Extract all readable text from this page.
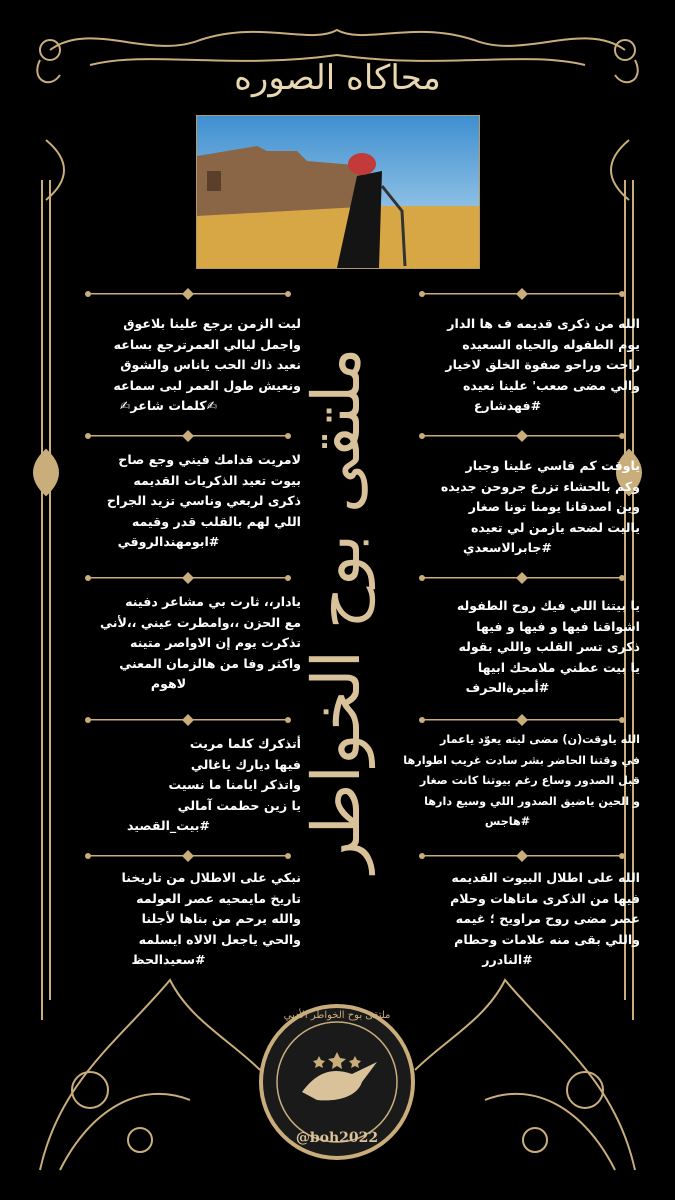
محاكاه الصوره
ملتقى بوح الخواطر
الله من ذكرى قديمه ف ها الدار
يوم الطفوله والحياه السعيده
راحت وراحو صفوة الخلق لاخيار
والي مضى صعب' علينا نعيده
#فهدشارع
ياوقت كم قاسي علينا وجبار
وكم بالحشاء تزرع جروحن جديده
وين اصدقانا يومنا تونا صغار
ياليت لضحه يازمن لي تعيده
#جابرالاسعدي
يا بيتنا اللي فيك روح الطفوله
اشواقنا فيها و فيها و فيها
ذكرى تسر القلب واللي بقوله
يا بيت عطني ملامحك ابيها
#أميرةالحرف
الله ياوقت(ن) مضى ليته يعوّد ياعمار
في وقتنا الحاضر بشر سادت غريب اطوارها
قبل الصدور وساع رغم بيوتنا كانت صغار
و الحين ياضيق الصدور اللي وسيع دارها
#هاجس
الله على اطلال البيوت القديمه
فيها من الذكرى ماتاهات وحلام
عصر مضى روح مراويح ؛ غيمه
واللي بقى منه علامات وحطام
#النادرر
ليت الزمن يرجع علينا بلاعوق
واجمل ليالي العمرترجع بساعه
نعيد ذاك الحب ياناس والشوق
ونعيش طول العمر لبى سماعه
✍كلمات شاعر✍
لامريت قدامك فيني وجع صاح
بيوت تعيد الذكريات القديمه
ذكرى لربعي وناسي تزيد الجراح
اللي لهم بالقلب قدر وقيمه
#ابومهندالروقي
يادار،، ثارت بي مشاعر دفينه
مع الحزن ،،وامطرت عيني ،،لأني
تذكرت يوم إن الاواصر متينه
واكثر وفا من هالزمان المعني
لاهوم
أتذكرك كلما مريت
فيها ديارك ياغالي
واتذكر ايامنا ما نسيت
يا زين حطمت آمالي
#بيت_القصيد
نبكي على الاطلال من تاريخنا
تاريخ مايمحيه عصر العولمه
والله يرحم من بناها لأجلنا
والحي ياجعل الالاه ايسلمه
#سعيدالحظ
ملتقى بوح الخواطر الأدبي
@boh2022
